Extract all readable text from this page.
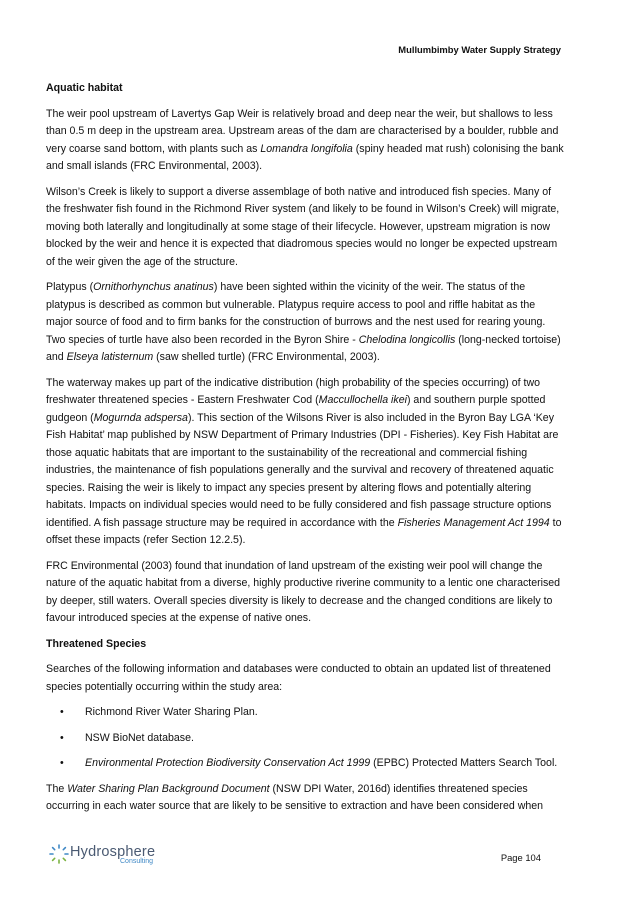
Mullumbimby Water Supply Strategy
Aquatic habitat

The weir pool upstream of Lavertys Gap Weir is relatively broad and deep near the weir, but shallows to less than 0.5 m deep in the upstream area. Upstream areas of the dam are characterised by a boulder, rubble and very coarse sand bottom, with plants such as Lomandra longifolia (spiny headed mat rush) colonising the bank and small islands (FRC Environmental, 2003).

Wilson’s Creek is likely to support a diverse assemblage of both native and introduced fish species. Many of the freshwater fish found in the Richmond River system (and likely to be found in Wilson’s Creek) will migrate, moving both laterally and longitudinally at some stage of their lifecycle. However, upstream migration is now blocked by the weir and hence it is expected that diadromous species would no longer be expected upstream of the weir given the age of the structure.

Platypus (Ornithorhynchus anatinus) have been sighted within the vicinity of the weir. The status of the platypus is described as common but vulnerable. Platypus require access to pool and riffle habitat as the major source of food and to firm banks for the construction of burrows and the nest used for rearing young. Two species of turtle have also been recorded in the Byron Shire - Chelodina longicollis (long-necked tortoise) and Elseya latisternum (saw shelled turtle) (FRC Environmental, 2003).

The waterway makes up part of the indicative distribution (high probability of the species occurring) of two freshwater threatened species - Eastern Freshwater Cod (Maccullochella ikei) and southern purple spotted gudgeon (Mogurnda adspersa). This section of the Wilsons River is also included in the Byron Bay LGA ‘Key Fish Habitat’ map published by NSW Department of Primary Industries (DPI - Fisheries). Key Fish Habitat are those aquatic habitats that are important to the sustainability of the recreational and commercial fishing industries, the maintenance of fish populations generally and the survival and recovery of threatened aquatic species. Raising the weir is likely to impact any species present by altering flows and potentially altering habitats. Impacts on individual species would need to be fully considered and fish passage structure options identified. A fish passage structure may be required in accordance with the Fisheries Management Act 1994 to offset these impacts (refer Section 12.2.5).

FRC Environmental (2003) found that inundation of land upstream of the existing weir pool will change the nature of the aquatic habitat from a diverse, highly productive riverine community to a lentic one characterised by deeper, still waters. Overall species diversity is likely to decrease and the changed conditions are likely to favour introduced species at the expense of native ones.

Threatened Species

Searches of the following information and databases were conducted to obtain an updated list of threatened species potentially occurring within the study area:

• Richmond River Water Sharing Plan.
• NSW BioNet database.
• Environmental Protection Biodiversity Conservation Act 1999 (EPBC) Protected Matters Search Tool.

The Water Sharing Plan Background Document (NSW DPI Water, 2016d) identifies threatened species occurring in each water source that are likely to be sensitive to extraction and have been considered when

Hydrosphere
Consulting	Page 104
